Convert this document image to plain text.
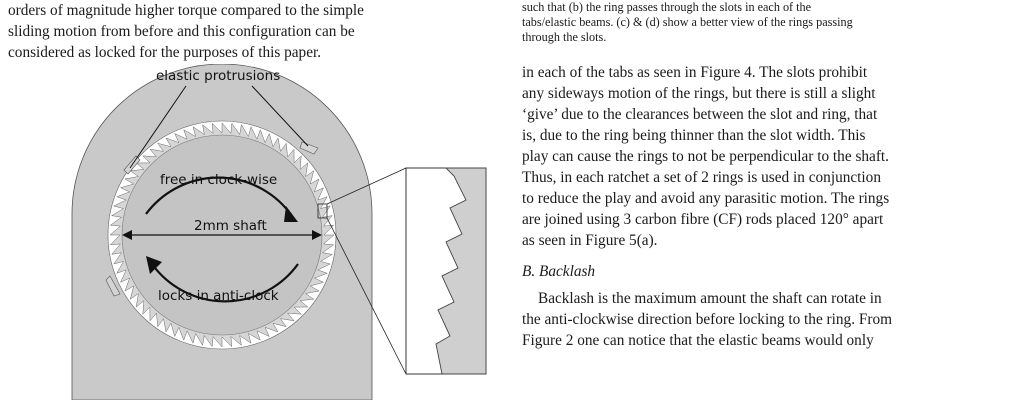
orders of magnitude higher torque compared to the simple

sliding motion from before and this configuration can be

considered as locked for the purposes of this paper.

elastic protrusions
free in clock-wise
2mm shaft
locks in anti-clock

such that (b) the ring passes through the slots in each of the

tabs/elastic beams. (c) & (d) show a better view of the rings passing

through the slots.

in each of the tabs as seen in Figure 4. The slots prohibit

any sideways motion of the rings, but there is still a slight

‘give’ due to the clearances between the slot and ring, that

is, due to the ring being thinner than the slot width. This

play can cause the rings to not be perpendicular to the shaft.

Thus, in each ratchet a set of 2 rings is used in conjunction

to reduce the play and avoid any parasitic motion. The rings

are joined using 3 carbon fibre (CF) rods placed 120° apart

as seen in Figure 5(a).

B. Backlash

Backlash is the maximum amount the shaft can rotate in

the anti-clockwise direction before locking to the ring. From

Figure 2 one can notice that the elastic beams would only
